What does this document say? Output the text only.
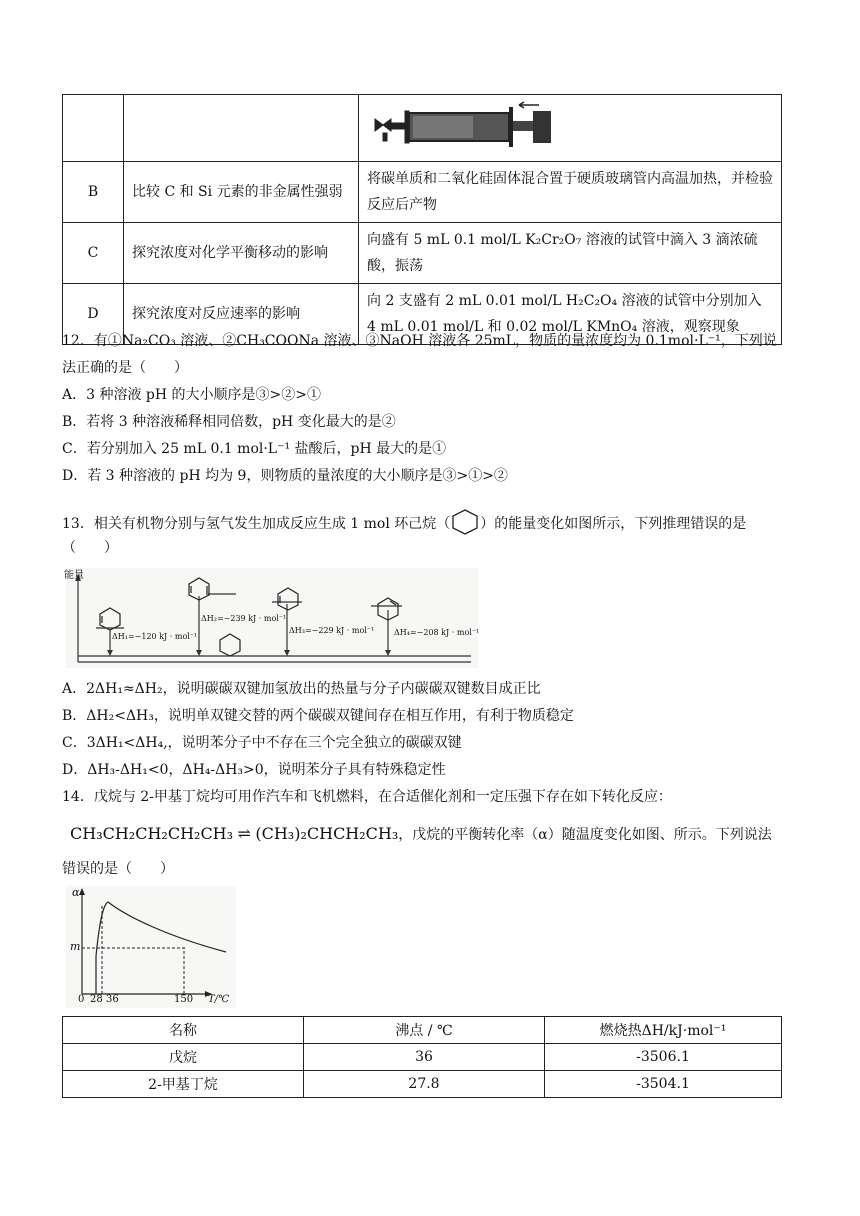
B	比较 C 和 Si 元素的非金属性强弱	将碳单质和二氧化硅固体混合置于硬质玻璃管内高温加热，并检验反应后产物
C	探究浓度对化学平衡移动的影响	向盛有 5 mL 0.1 mol/L K₂Cr₂O₇ 溶液的试管中滴入 3 滴浓硫酸，振荡
D	探究浓度对反应速率的影响	向 2 支盛有 2 mL 0.01 mol/L H₂C₂O₄ 溶液的试管中分别加入 4 mL 0.01 mol/L 和 0.02 mol/L KMnO₄ 溶液，观察现象
12．有①Na₂CO₃ 溶液、②CH₃COONa 溶液、③NaOH 溶液各 25mL，物质的量浓度均为 0.1mol·L⁻¹，下列说法正确的是（　　）
A．3 种溶液 pH 的大小顺序是③>②>①
B．若将 3 种溶液稀释相同倍数，pH 变化最大的是②
C．若分别加入 25 mL 0.1 mol·L⁻¹ 盐酸后，pH 最大的是①
D．若 3 种溶液的 pH 均为 9，则物质的量浓度的大小顺序是③>①>②
13．相关有机物分别与氢气发生加成反应生成 1 mol 环己烷（ ）的能量变化如图所示，下列推理错误的是
（　　）
能量
ΔH₁=−120 kJ · mol⁻¹
ΔH₂=−239 kJ · mol⁻¹
ΔH₃=−229 kJ · mol⁻¹ ΔH₄=−208 kJ · mol⁻¹
A．2ΔH₁≈ΔH₂，说明碳碳双键加氢放出的热量与分子内碳碳双键数目成正比
B．ΔH₂<ΔH₃，说明单双键交替的两个碳碳双键间存在相互作用，有利于物质稳定
C．3ΔH₁<ΔH₄,，说明苯分子中不存在三个完全独立的碳碳双键
D．ΔH₃-ΔH₁<0，ΔH₄-ΔH₃>0，说明苯分子具有特殊稳定性
14．戊烷与 2-甲基丁烷均可用作汽车和飞机燃料，在合适催化剂和一定压强下存在如下转化反应：
CH₃CH₂CH₂CH₂CH₃ ⇌ (CH₃)₂CHCH₂CH₃，戊烷的平衡转化率（α）随温度变化如图、所示。下列说法
错误的是（　　）
α
m
0 28 36	150 T/℃
名称	沸点 / ℃	燃烧热ΔH/kJ·mol⁻¹
戊烷	36	-3506.1
2-甲基丁烷	27.8	-3504.1
